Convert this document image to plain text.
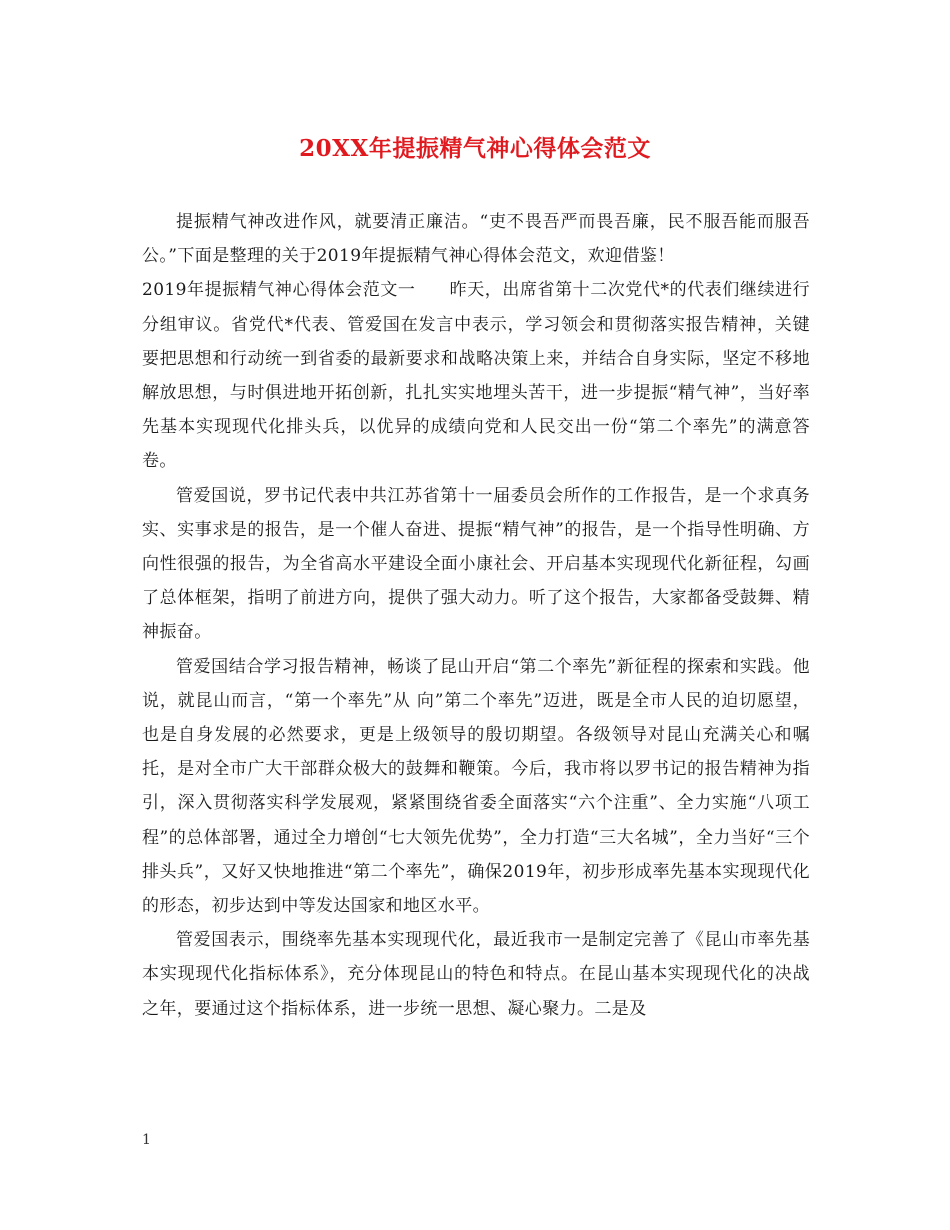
20XX年提振精气神心得体会范文

提振精气神改进作风，就要清正廉洁。“吏不畏吾严而畏吾廉，民不服吾能而服吾公。”下面是整理的关于2019年提振精气神心得体会范文，欢迎借鉴！

2019年提振精气神心得体会范文一 昨天，出席省第十二次党代*的代表们继续进行分组审议。省党代*代表、管爱国在发言中表示，学习领会和贯彻落实报告精神，关键要把思想和行动统一到省委的最新要求和战略决策上来，并结合自身实际，坚定不移地解放思想，与时俱进地开拓创新，扎扎实实地埋头苦干，进一步提振“精气神”，当好率先基本实现现代化排头兵，以优异的成绩向党和人民交出一份“第二个率先”的满意答卷。

管爱国说，罗书记代表中共江苏省第十一届委员会所作的工作报告，是一个求真务实、实事求是的报告，是一个催人奋进、提振“精气神”的报告，是一个指导性明确、方向性很强的报告，为全省高水平建设全面小康社会、开启基本实现现代化新征程，勾画了总体框架，指明了前进方向，提供了强大动力。听了这个报告，大家都备受鼓舞、精神振奋。

管爱国结合学习报告精神，畅谈了昆山开启“第二个率先”新征程的探索和实践。他说，就昆山而言，“第一个率先”从 向”第二个率先”迈进，既是全市人民的迫切愿望，也是自身发展的必然要求，更是上级领导的殷切期望。各级领导对昆山充满关心和嘱托，是对全市广大干部群众极大的鼓舞和鞭策。今后，我市将以罗书记的报告精神为指引，深入贯彻落实科学发展观，紧紧围绕省委全面落实“六个注重”、全力实施“八项工程”的总体部署，通过全力增创“七大领先优势”，全力打造“三大名城”，全力当好“三个排头兵”，又好又快地推进“第二个率先”，确保2019年，初步形成率先基本实现现代化的形态，初步达到中等发达国家和地区水平。

管爱国表示，围绕率先基本实现现代化，最近我市一是制定完善了《昆山市率先基本实现现代化指标体系》，充分体现昆山的特色和特点。在昆山基本实现现代化的决战之年，要通过这个指标体系，进一步统一思想、凝心聚力。二是及

1
